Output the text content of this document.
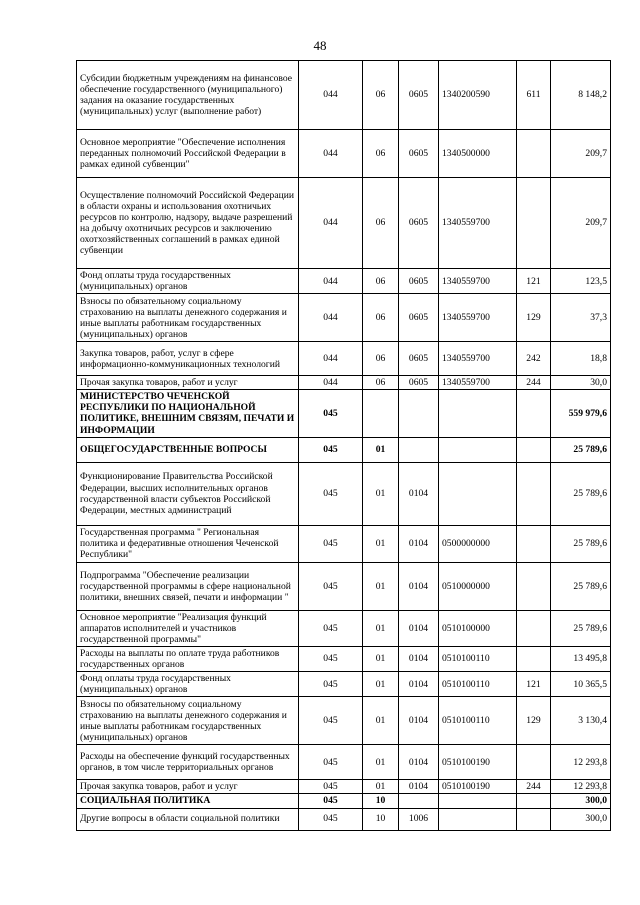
48
Субсидии бюджетным учреждениям на финансовое обеспечение государственного (муниципального) задания на оказание государственных (муниципальных) услуг (выполнение работ)	044	06	0605	1340200590	611	8 148,2
Основное мероприятие "Обеспечение исполнения переданных полномочий Российской Федерации в рамках единой субвенции"	044	06	0605	1340500000		209,7
Осуществление полномочий Российской Федерации в области охраны и использования охотничьих ресурсов по контролю, надзору, выдаче разрешений на добычу охотничьих ресурсов и заключению охотхозяйственных соглашений в рамках единой субвенции	044	06	0605	1340559700		209,7
Фонд оплаты труда государственных (муниципальных) органов	044	06	0605	1340559700	121	123,5
Взносы по обязательному социальному страхованию на выплаты денежного содержания и иные выплаты работникам государственных (муниципальных) органов	044	06	0605	1340559700	129	37,3
Закупка товаров, работ, услуг в сфере информационно-коммуникационных технологий	044	06	0605	1340559700	242	18,8
Прочая закупка товаров, работ и услуг	044	06	0605	1340559700	244	30,0
МИНИСТЕРСТВО ЧЕЧЕНСКОЙ РЕСПУБЛИКИ ПО НАЦИОНАЛЬНОЙ ПОЛИТИКЕ, ВНЕШНИМ СВЯЗЯМ, ПЕЧАТИ И ИНФОРМАЦИИ	045					559 979,6
ОБЩЕГОСУДАРСТВЕННЫЕ ВОПРОСЫ	045	01				25 789,6
Функционирование Правительства Российской Федерации, высших исполнительных органов государственной власти субъектов Российской Федерации, местных администраций	045	01	0104			25 789,6
Государственная программа " Региональная политика и федеративные отношения Чеченской Республики"	045	01	0104	0500000000		25 789,6
Подпрограмма "Обеспечение реализации государственной программы в сфере национальной политики, внешних связей, печати и информации "	045	01	0104	0510000000		25 789,6
Основное мероприятие "Реализация функций аппаратов исполнителей и участников государственной программы"	045	01	0104	0510100000		25 789,6
Расходы на выплаты по оплате труда работников государственных органов	045	01	0104	0510100110		13 495,8
Фонд оплаты труда государственных (муниципальных) органов	045	01	0104	0510100110	121	10 365,5
Взносы по обязательному социальному страхованию на выплаты денежного содержания и иные выплаты работникам государственных (муниципальных) органов	045	01	0104	0510100110	129	3 130,4
Расходы на обеспечение функций государственных органов, в том числе территориальных органов	045	01	0104	0510100190		12 293,8
Прочая закупка товаров, работ и услуг	045	01	0104	0510100190	244	12 293,8
СОЦИАЛЬНАЯ ПОЛИТИКА	045	10				300,0
Другие вопросы в области социальной политики	045	10	1006			300,0
